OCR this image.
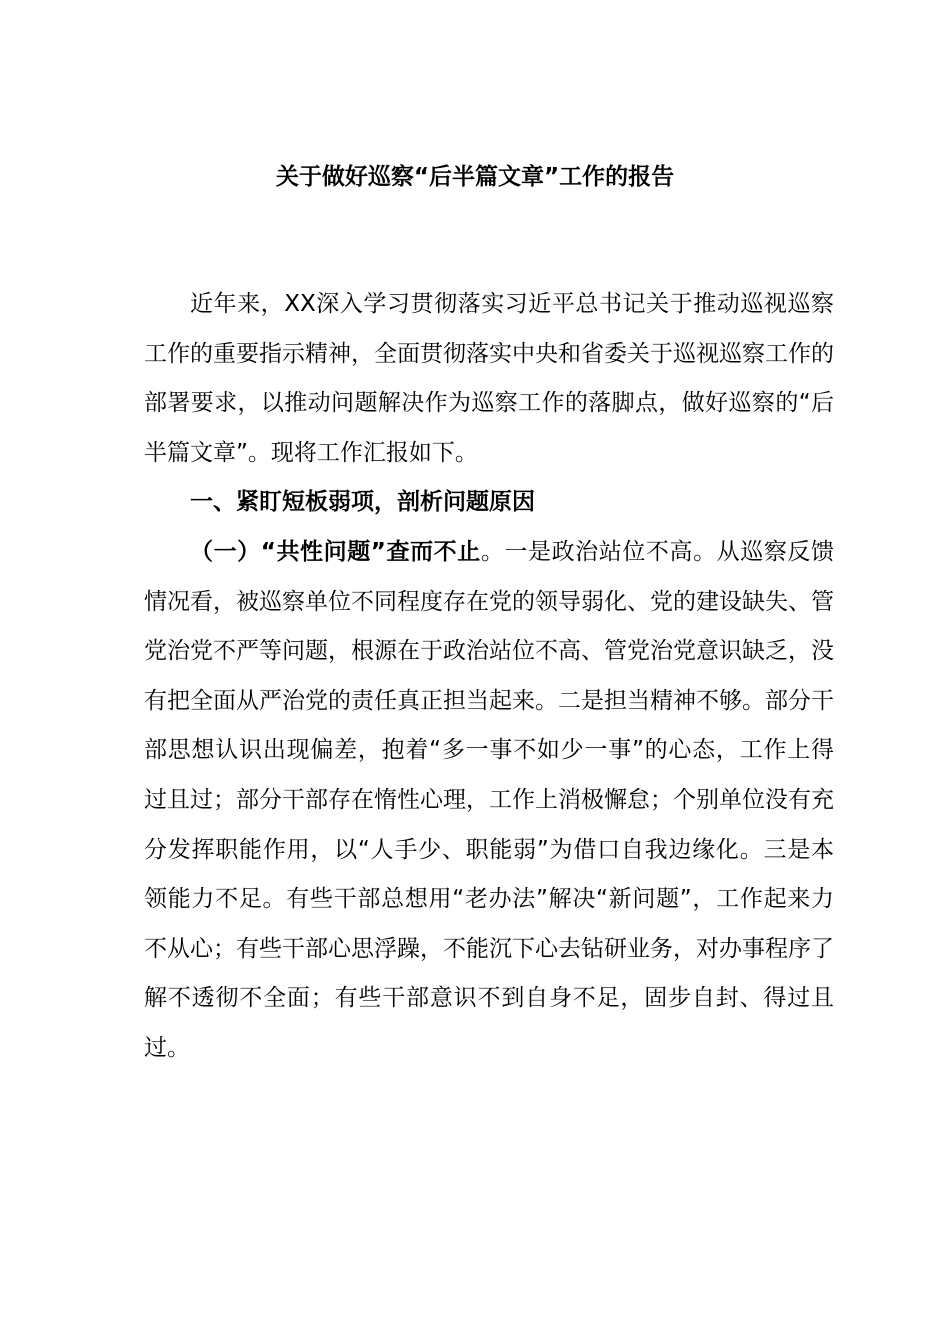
关于做好巡察“后半篇文章”工作的报告

近年来，XX深入学习贯彻落实习近平总书记关于推动巡视巡察工作的重要指示精神，全面贯彻落实中央和省委关于巡视巡察工作的部署要求，以推动问题解决作为巡察工作的落脚点，做好巡察的“后半篇文章”。现将工作汇报如下。

一、紧盯短板弱项，剖析问题原因

（一）“共性问题”查而不止。一是政治站位不高。从巡察反馈情况看，被巡察单位不同程度存在党的领导弱化、党的建设缺失、管党治党不严等问题，根源在于政治站位不高、管党治党意识缺乏，没有把全面从严治党的责任真正担当起来。二是担当精神不够。部分干部思想认识出现偏差，抱着“多一事不如少一事”的心态，工作上得过且过；部分干部存在惰性心理，工作上消极懈怠；个别单位没有充分发挥职能作用，以“人手少、职能弱”为借口自我边缘化。三是本领能力不足。有些干部总想用“老办法”解决“新问题”，工作起来力不从心；有些干部心思浮躁，不能沉下心去钻研业务，对办事程序了解不透彻不全面；有些干部意识不到自身不足，固步自封、得过且过。
